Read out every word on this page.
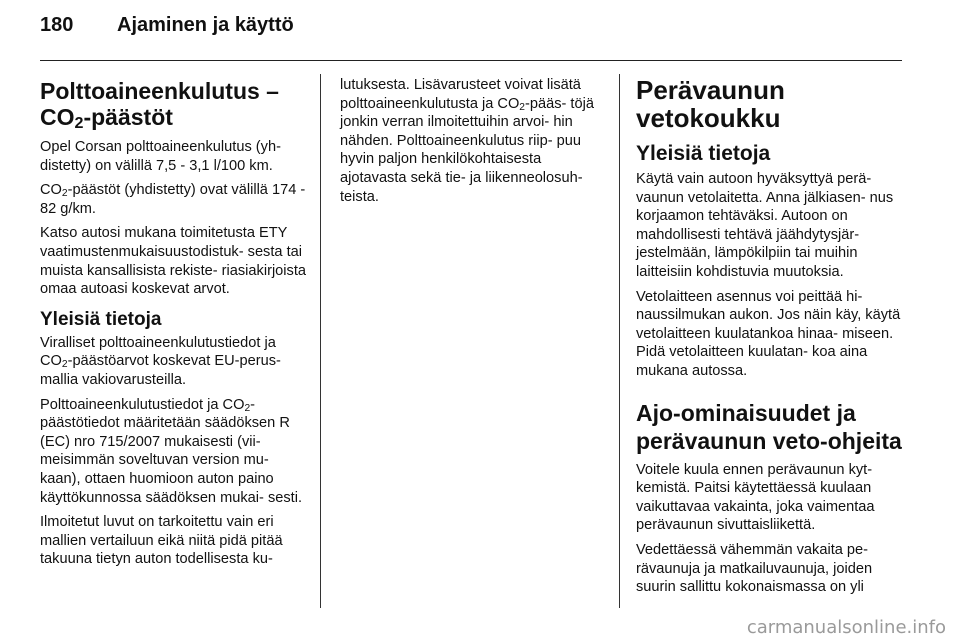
180 Ajaminen ja käyttö
Polttoaineenkulutus –
$CO_2$-päästöt

Opel Corsan polttoaineenkulutus (yh- distetty) on välillä 7,5 - 3,1 l/100 km.

$CO_2$-päästöt (yhdistetty) ovat välillä 174 - 82 g/km.

Katso autosi mukana toimitetusta ETY vaatimustenmukaisuustodistuk- sesta tai muista kansallisista rekiste- riasiakirjoista omaa autoasi koskevat arvot.

Yleisiä tietoja

Viralliset polttoaineenkulutustiedot ja $CO_2$-päästöarvot koskevat EU-perus- mallia vakiovarusteilla.

Polttoaineenkulutustiedot ja $CO_2-$ päästötiedot määritetään säädöksen R (EC) nro 715/2007 mukaisesti (vii- meisimmän soveltuvan version mu- kaan), ottaen huomioon auton paino käyttökunnossa säädöksen mukai- sesti.

Ilmoitetut luvut on tarkoitettu vain eri mallien vertailuun eikä niitä pidä pitää takuuna tietyn auton todellisesta ku-

lutuksesta. Lisävarusteet voivat lisätä polttoaineenkulutusta ja $CO_2-pääs-$ töjä jonkin verran ilmoitettuihin arvoi- hin nähden. Polttoaineenkulutus riip- puu hyvin paljon henkilökohtaisesta ajotavasta sekä tie- ja liikenneolosuh- teista.

Perävaunun vetokoukku
Yleisiä tietoja

Käytä vain autoon hyväksyttyä perä- vaunun vetolaitetta. Anna jälkiasen- nus korjaamon tehtäväksi. Autoon on mahdollisesti tehtävä jäähdytysjär- jestelmään, lämpökilpiin tai muihin laitteisiin kohdistuvia muutoksia.

Vetolaitteen asennus voi peittää hi- naussilmukan aukon. Jos näin käy, käytä vetolaitteen kuulatankoa hinaa- miseen. Pidä vetolaitteen kuulatan- koa aina mukana autossa.

Ajo-ominaisuudet ja perävaunun veto-ohjeita

Voitele kuula ennen perävaunun kyt- kemistä. Paitsi käytettäessä kuulaan vaikuttavaa vakainta, joka vaimentaa perävaunun sivuttaisliikettä.

Vedettäessä vähemmän vakaita pe- rävaunuja ja matkailuvaunuja, joiden suurin sallittu kokonaismassa on yli

carmanualsonline.info
